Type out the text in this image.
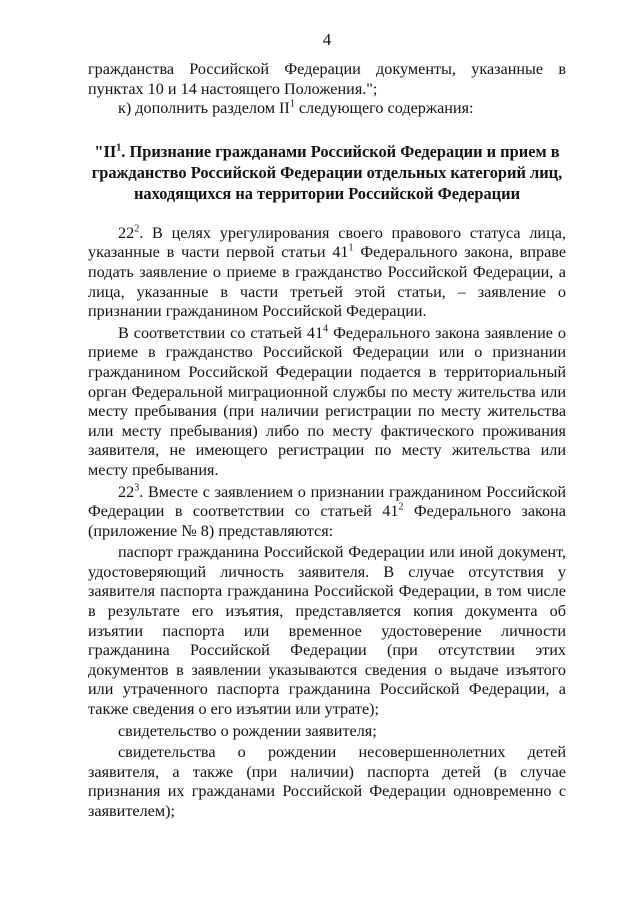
4

гражданства Российской Федерации документы, указанные в пунктах 10 и 14 настоящего Положения.";

к) дополнить разделом $II^1$ следующего содержания:

"$II^1$. Признание гражданами Российской Федерации и прием в
гражданство Российской Федерации отдельных категорий лиц,
находящихся на территории Российской Федерации

$22^2$. В целях урегулирования своего правового статуса лица, указанные в части первой статьи $41^1$ Федерального закона, вправе подать заявление о приеме в гражданство Российской Федерации, а лица, указанные в части третьей этой статьи, – заявление о признании гражданином Российской Федерации.

В соответствии со статьей $41^4$ Федерального закона заявление о приеме в гражданство Российской Федерации или о признании гражданином Российской Федерации подается в территориальный орган Федеральной миграционной службы по месту жительства или месту пребывания (при наличии регистрации по месту жительства или месту пребывания) либо по месту фактического проживания заявителя, не имеющего регистрации по месту жительства или месту пребывания.

$22^3$. Вместе с заявлением о признании гражданином Российской Федерации в соответствии со статьей $41^2$ Федерального закона (приложение № 8) представляются:

паспорт гражданина Российской Федерации или иной документ, удостоверяющий личность заявителя. В случае отсутствия у заявителя паспорта гражданина Российской Федерации, в том числе в результате его изъятия, представляется копия документа об изъятии паспорта или временное удостоверение личности гражданина Российской Федерации (при отсутствии этих документов в заявлении указываются сведения о выдаче изъятого или утраченного паспорта гражданина Российской Федерации, а также сведения о его изъятии или утрате);

свидетельство о рождении заявителя;

свидетельства о рождении несовершеннолетних детей заявителя, а также (при наличии) паспорта детей (в случае признания их гражданами Российской Федерации одновременно с заявителем);
